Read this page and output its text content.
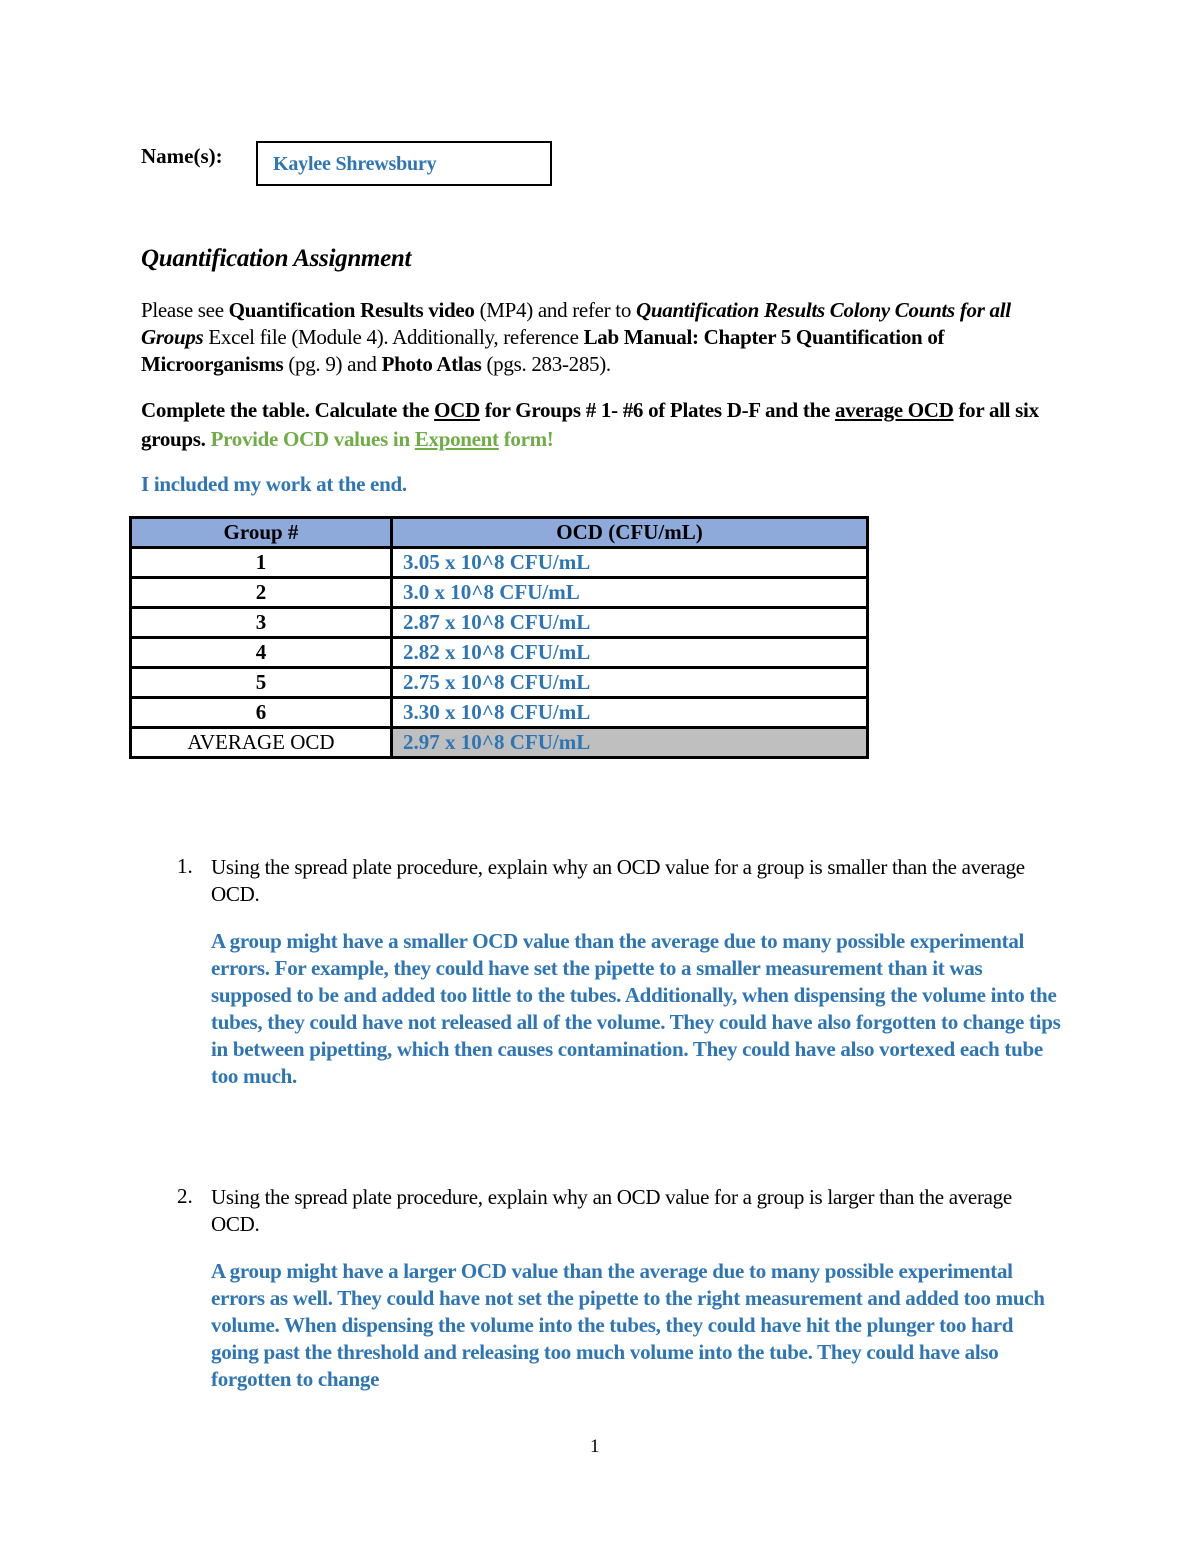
Name(s):	Kaylee Shrewsbury
Quantification Assignment
Please see Quantification Results video (MP4) and refer to Quantification Results Colony Counts for all Groups Excel file (Module 4). Additionally, reference Lab Manual: Chapter 5 Quantification of Microorganisms (pg. 9) and Photo Atlas (pgs. 283-285).
Complete the table. Calculate the OCD for Groups # 1- #6 of Plates D-F and the average OCD for all six groups. Provide OCD values in Exponent form!
I included my work at the end.
Group #	OCD (CFU/mL)
1	3.05 x 10^8 CFU/mL
2	3.0 x 10^8 CFU/mL
3	2.87 x 10^8 CFU/mL
4	2.82 x 10^8 CFU/mL
5	2.75 x 10^8 CFU/mL
6	3.30 x 10^8 CFU/mL
AVERAGE OCD	2.97 x 10^8 CFU/mL
1. Using the spread plate procedure, explain why an OCD value for a group is smaller than the average OCD.
A group might have a smaller OCD value than the average due to many possible experimental errors. For example, they could have set the pipette to a smaller measurement than it was supposed to be and added too little to the tubes. Additionally, when dispensing the volume into the tubes, they could have not released all of the volume. They could have also forgotten to change tips in between pipetting, which then causes contamination. They could have also vortexed each tube too much.
2. Using the spread plate procedure, explain why an OCD value for a group is larger than the average OCD.
A group might have a larger OCD value than the average due to many possible experimental errors as well. They could have not set the pipette to the right measurement and added too much volume. When dispensing the volume into the tubes, they could have hit the plunger too hard going past the threshold and releasing too much volume into the tube. They could have also forgotten to change
1
